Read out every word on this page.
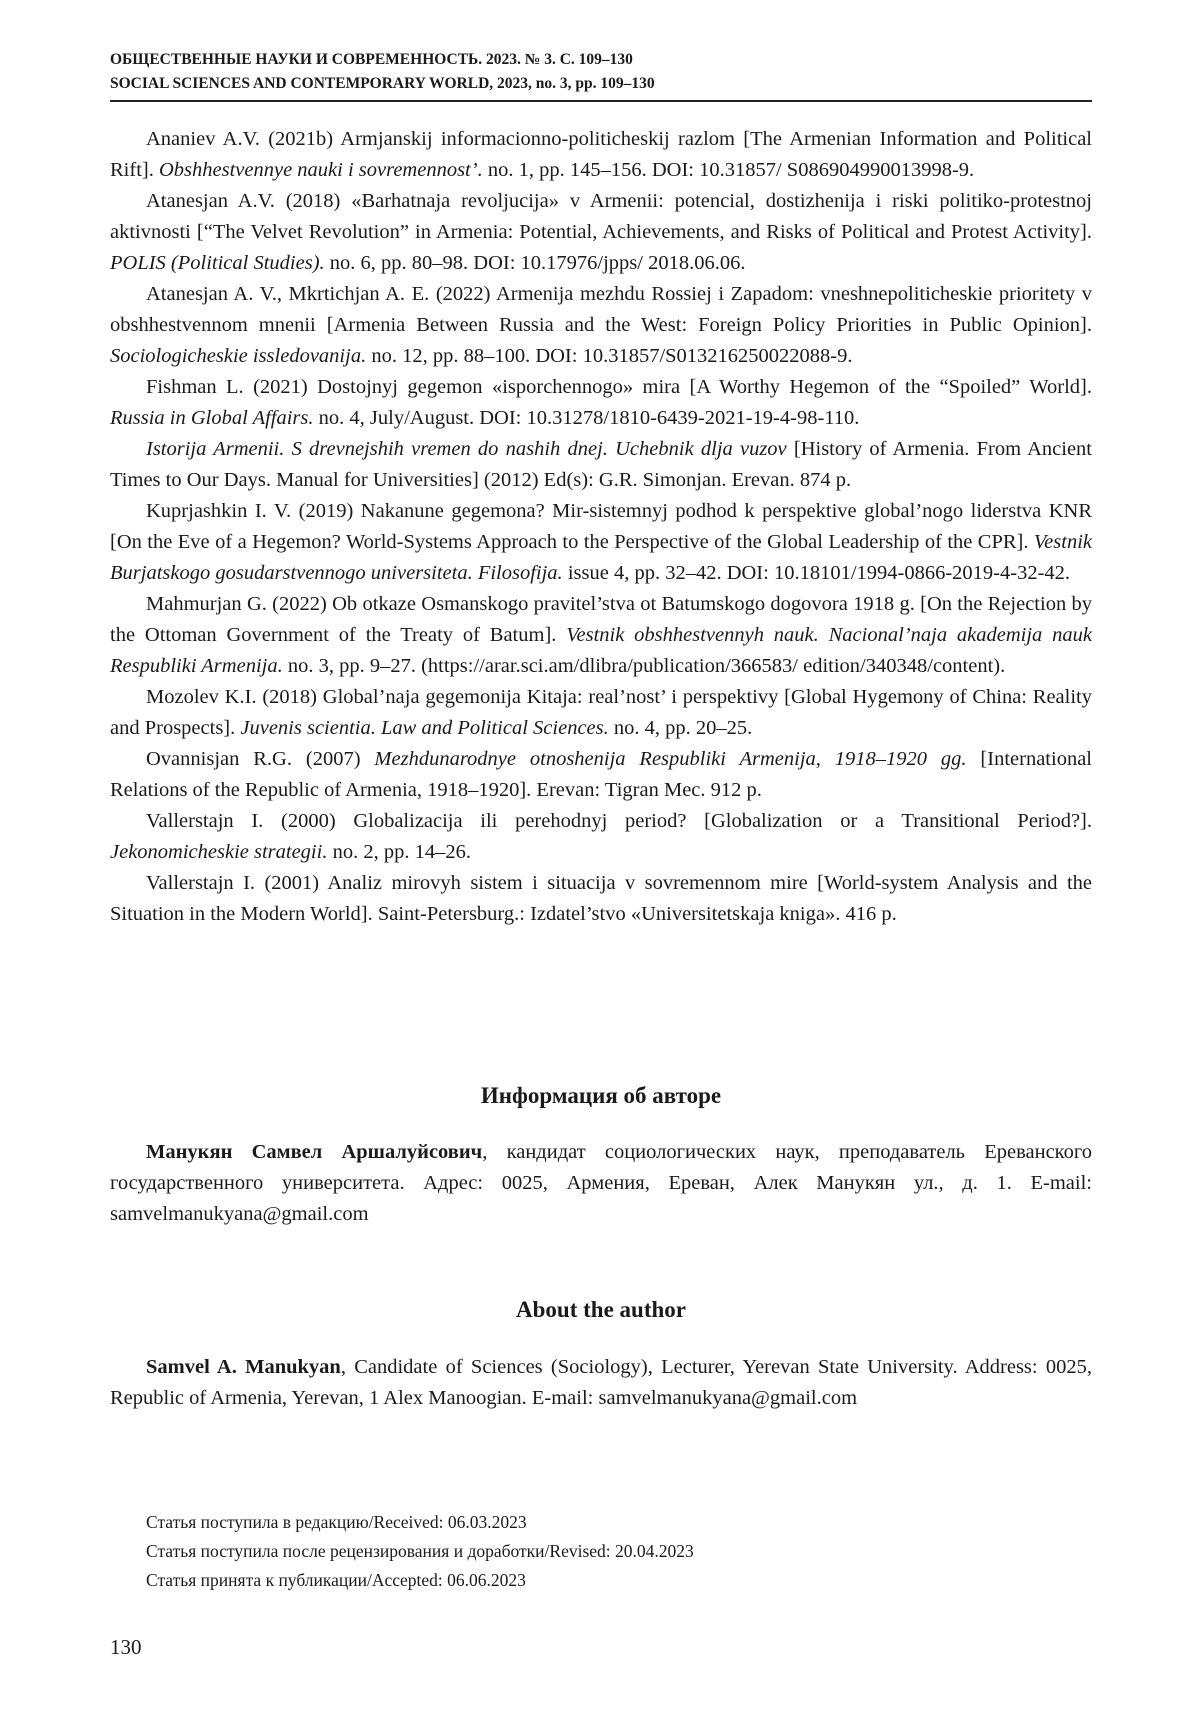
ОБЩЕСТВЕННЫЕ НАУКИ И СОВРЕМЕННОСТЬ. 2023. № 3. С. 109–130
SOCIAL SCIENCES AND CONTEMPORARY WORLD, 2023, no. 3, pp. 109–130

Ananiev A.V. (2021b) Armjanskij informacionno-politicheskij razlom [The Armenian Information and Political Rift]. Obshhestvennye nauki i sovremennost’. no. 1, pp. 145–156. DOI: 10.31857/ S086904990013998-9.

Atanesjan A.V. (2018) «Barhatnaja revoljucija» v Armenii: potencial, dostizhenija i riski politiko-protestnoj aktivnosti [“The Velvet Revolution” in Armenia: Potential, Achievements, and Risks of Political and Protest Activity]. POLIS (Political Studies). no. 6, pp. 80–98. DOI: 10.17976/jpps/ 2018.06.06.

Atanesjan A. V., Mkrtichjan A. E. (2022) Armenija mezhdu Rossiej i Zapadom: vneshnepoliticheskie prioritety v obshhestvennom mnenii [Armenia Between Russia and the West: Foreign Policy Priorities in Public Opinion]. Sociologicheskie issledovanija. no. 12, pp. 88–100. DOI: 10.31857/S013216250022088-9.

Fishman L. (2021) Dostojnyj gegemon «isporchennogo» mira [A Worthy Hegemon of the “Spoiled” World]. Russia in Global Affairs. no. 4, July/August. DOI: 10.31278/1810-6439-2021-19-4-98-110.

Istorija Armenii. S drevnejshih vremen do nashih dnej. Uchebnik dlja vuzov [History of Armenia. From Ancient Times to Our Days. Manual for Universities] (2012) Ed(s): G.R. Simonjan. Erevan. 874 p.

Kuprjashkin I. V. (2019) Nakanune gegemona? Mir-sistemnyj podhod k perspektive global’nogo liderstva KNR [On the Eve of a Hegemon? World-Systems Approach to the Perspective of the Global Leadership of the CPR]. Vestnik Burjatskogo gosudarstvennogo universiteta. Filosofija. issue 4, pp. 32–42. DOI: 10.18101/1994-0866-2019-4-32-42.

Mahmurjan G. (2022) Ob otkaze Osmanskogo pravitel’stva ot Batumskogo dogovora 1918 g. [On the Rejection by the Ottoman Government of the Treaty of Batum]. Vestnik obshhestvennyh nauk. Nacional’naja akademija nauk Respubliki Armenija. no. 3, pp. 9–27. (https://arar.sci.am/dlibra/publication/366583/ edition/340348/content).

Mozolev K.I. (2018) Global’naja gegemonija Kitaja: real’nost’ i perspektivy [Global Hygemony of China: Reality and Prospects]. Juvenis scientia. Law and Political Sciences. no. 4, pp. 20–25.

Ovannisjan R.G. (2007) Mezhdunarodnye otnoshenija Respubliki Armenija, 1918–1920 gg. [International Relations of the Republic of Armenia, 1918–1920]. Erevan: Tigran Mec. 912 p.

Vallerstajn I. (2000) Globalizacija ili perehodnyj period? [Globalization or a Transitional Period?]. Jekonomicheskie strategii. no. 2, pp. 14–26.

Vallerstajn I. (2001) Analiz mirovyh sistem i situacija v sovremennom mire [World-system Analysis and the Situation in the Modern World]. Saint-Petersburg.: Izdatel’stvo «Universitetskaja kniga». 416 p.

Информация об авторе

Манукян Самвел Аршалуйсович, кандидат социологических наук, преподаватель Ереванского государственного университета. Адрес: 0025, Армения, Ереван, Алек Манукян ул., д. 1. E-mail: samvelmanukyana@gmail.com

About the author

Samvel A. Manukyan, Candidate of Sciences (Sociology), Lecturer, Yerevan State University. Address: 0025, Republic of Armenia, Yerevan, 1 Alex Manoogian. E-mail: samvelmanukyana@gmail.com

Статья поступила в редакцию/Received: 06.03.2023
Статья поступила после рецензирования и доработки/Revised: 20.04.2023
Статья принята к публикации/Accepted: 06.06.2023
130
